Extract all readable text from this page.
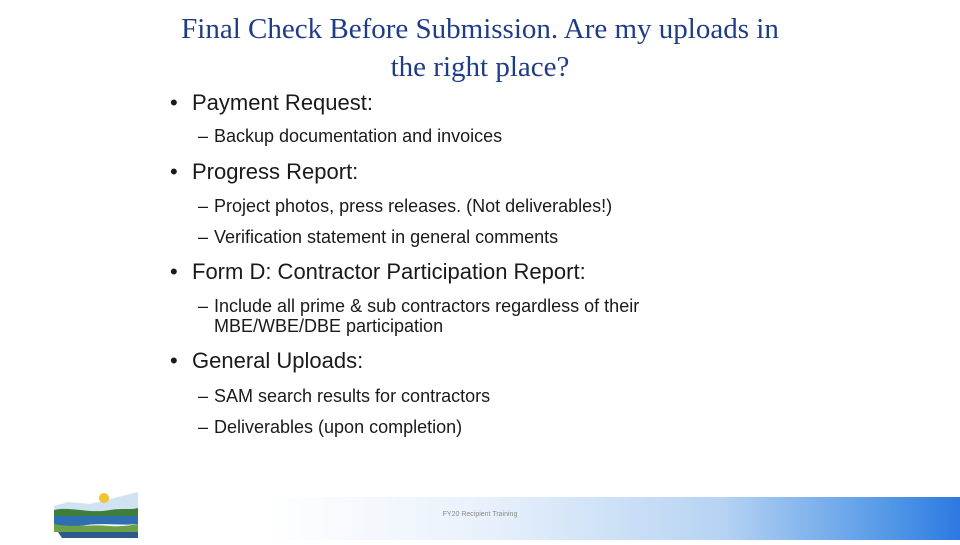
Final Check Before Submission. Are my uploads in the right place?
• Payment Request:
– Backup documentation and invoices
• Progress Report:
– Project photos, press releases. (Not deliverables!)
– Verification statement in general comments
• Form D: Contractor Participation Report:
– Include all prime & sub contractors regardless of their MBE/WBE/DBE participation
• General Uploads:
– SAM search results for contractors
– Deliverables (upon completion)
FY20 Recipient Training
